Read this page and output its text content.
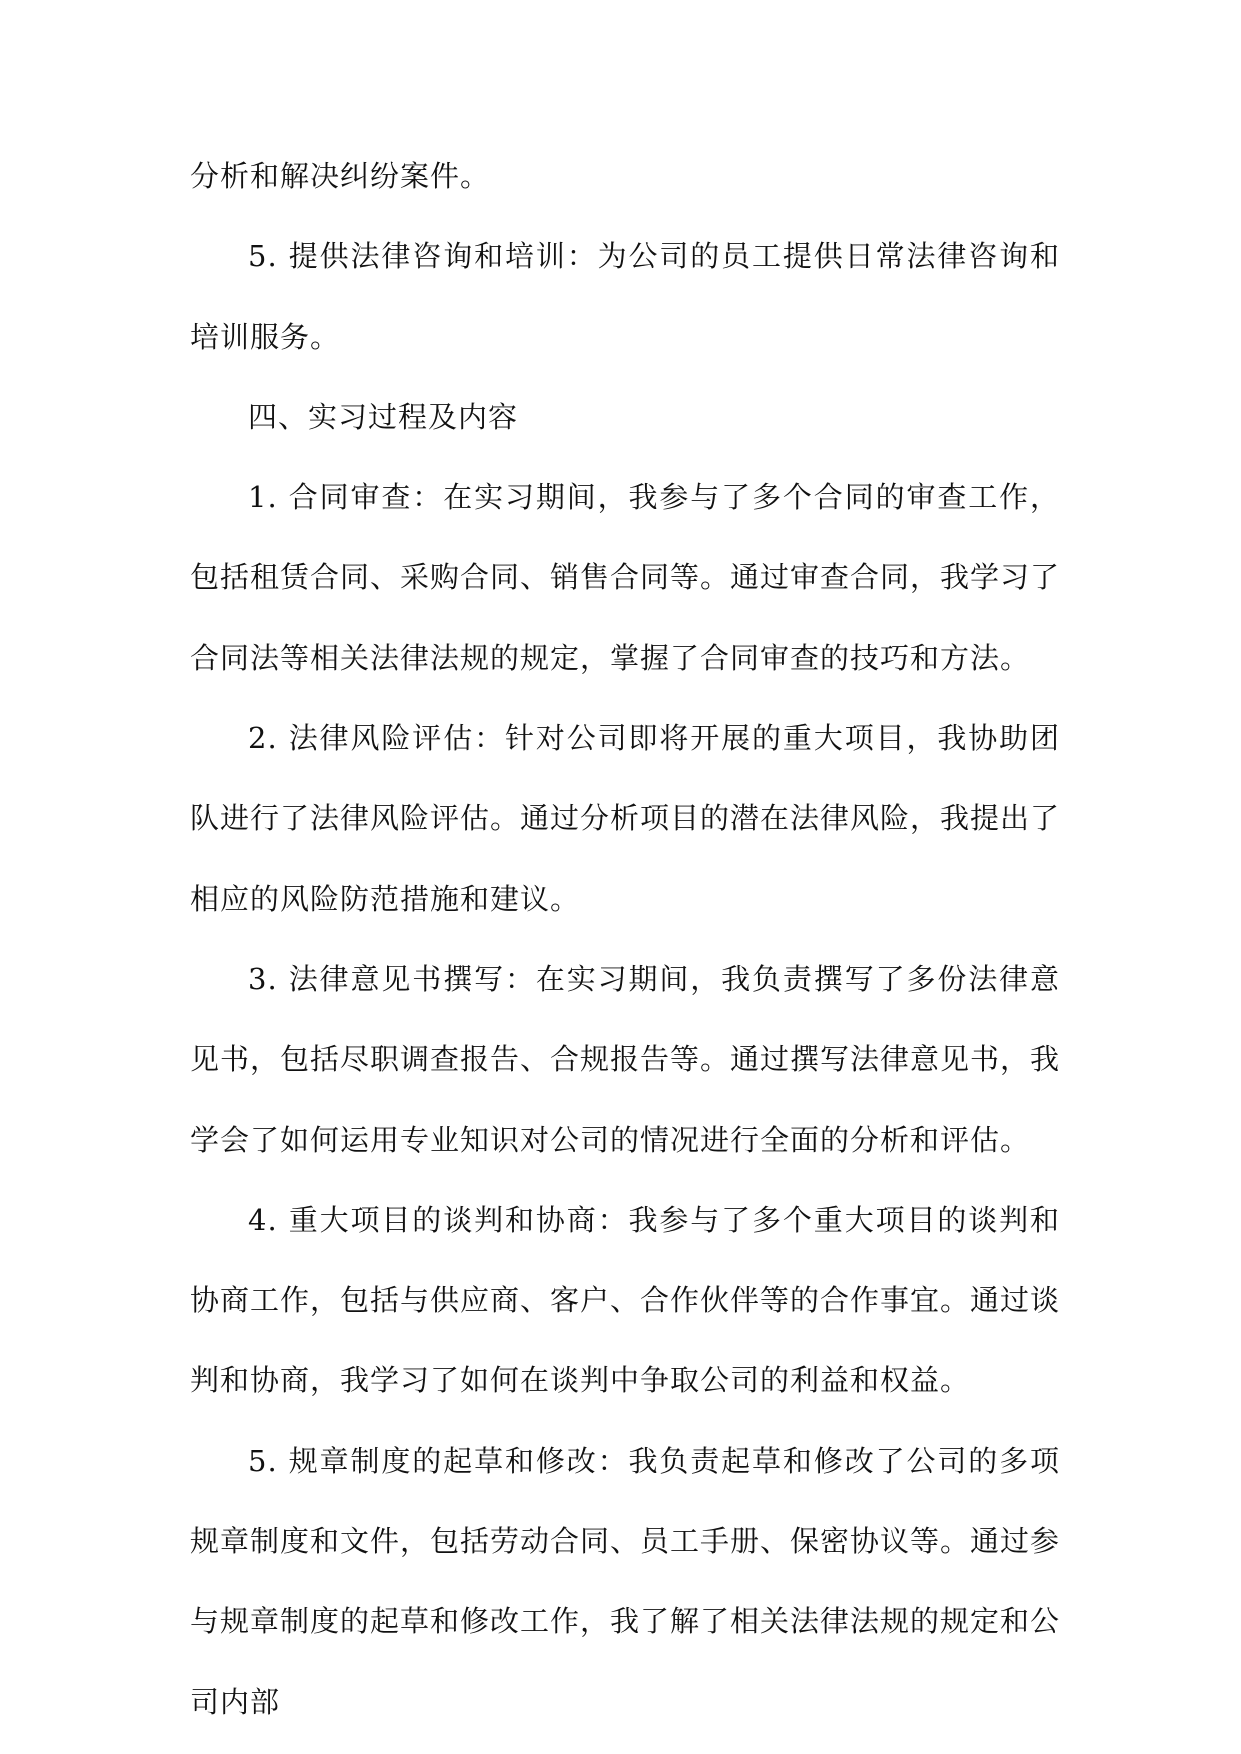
分析和解决纠纷案件。

5. 提供法律咨询和培训：为公司的员工提供日常法律咨询和培训服务。

四、实习过程及内容

1. 合同审查：在实习期间，我参与了多个合同的审查工作，包括租赁合同、采购合同、销售合同等。通过审查合同，我学习了合同法等相关法律法规的规定，掌握了合同审查的技巧和方法。

2. 法律风险评估：针对公司即将开展的重大项目，我协助团队进行了法律风险评估。通过分析项目的潜在法律风险，我提出了相应的风险防范措施和建议。

3. 法律意见书撰写：在实习期间，我负责撰写了多份法律意见书，包括尽职调查报告、合规报告等。通过撰写法律意见书，我学会了如何运用专业知识对公司的情况进行全面的分析和评估。

4. 重大项目的谈判和协商：我参与了多个重大项目的谈判和协商工作，包括与供应商、客户、合作伙伴等的合作事宜。通过谈判和协商，我学习了如何在谈判中争取公司的利益和权益。

5. 规章制度的起草和修改：我负责起草和修改了公司的多项规章制度和文件，包括劳动合同、员工手册、保密协议等。通过参与规章制度的起草和修改工作，我了解了相关法律法规的规定和公司内部
